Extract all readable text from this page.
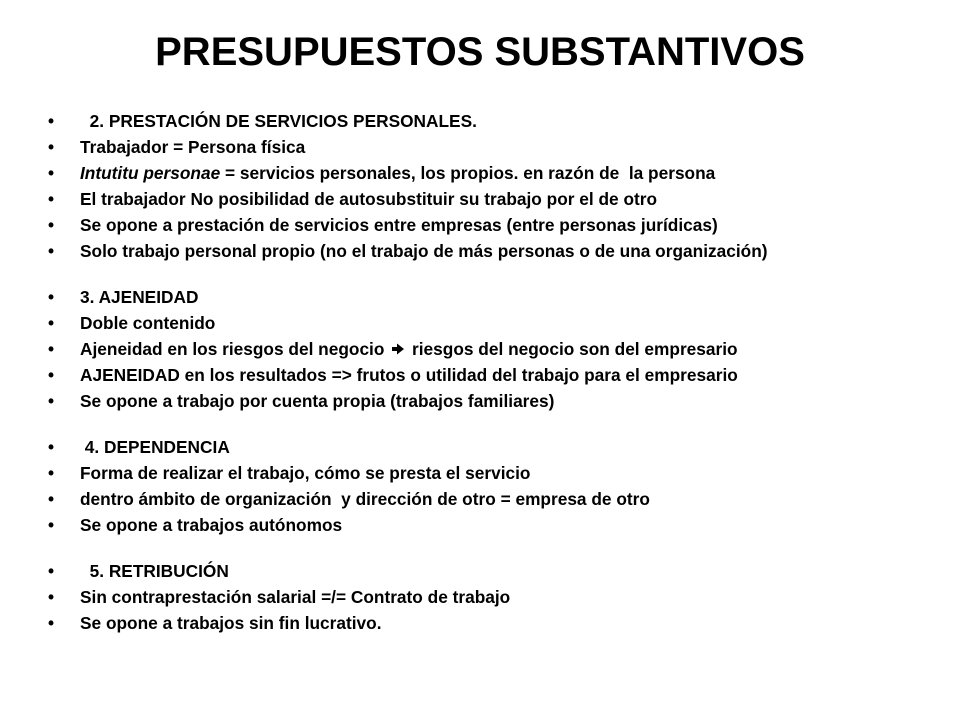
PRESUPUESTOS SUBSTANTIVOS
• 2. PRESTACIÓN DE SERVICIOS PERSONALES.
• Trabajador = Persona física
• Intutitu personae = servicios personales, los propios. en razón de  la persona
• El trabajador No posibilidad de autosubstituir su trabajo por el de otro
• Se opone a prestación de servicios entre empresas (entre personas jurídicas)
• Solo trabajo personal propio (no el trabajo de más personas o de una organización)
• 3. AJENEIDAD
• Doble contenido
• Ajeneidad en los riesgos del negocio  riesgos del negocio son del empresario
• AJENEIDAD en los resultados => frutos o utilidad del trabajo para el empresario
• Se opone a trabajo por cuenta propia (trabajos familiares)
• 4. DEPENDENCIA
• Forma de realizar el trabajo, cómo se presta el servicio
• dentro ámbito de organización  y dirección de otro = empresa de otro
• Se opone a trabajos autónomos
• 5. RETRIBUCIÓN
• Sin contraprestación salarial =/= Contrato de trabajo
• Se opone a trabajos sin fin lucrativo.
